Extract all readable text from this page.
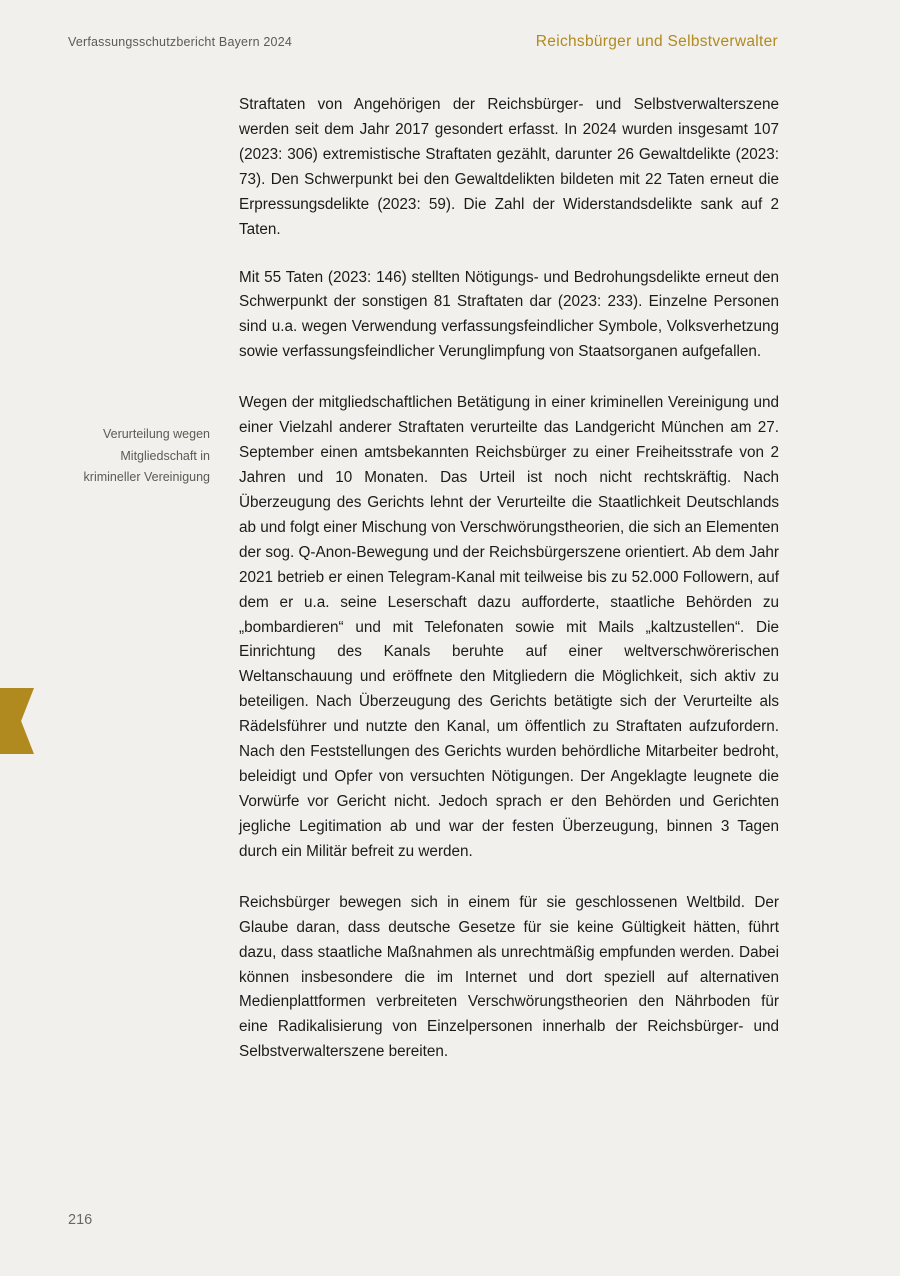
Verfassungsschutzbericht Bayern 2024	Reichsbürger und Selbstverwalter
Verurteilung wegen Mitgliedschaft in krimineller Vereinigung

Straftaten von Angehörigen der Reichsbürger- und Selbstverwalterszene werden seit dem Jahr 2017 gesondert erfasst. In 2024 wurden insgesamt 107 (2023: 306) extremistische Straftaten gezählt, darunter 26 Gewaltdelikte (2023: 73). Den Schwerpunkt bei den Gewaltdelikten bildeten mit 22 Taten erneut die Erpressungsdelikte (2023: 59). Die Zahl der Widerstandsdelikte sank auf 2 Taten.

Mit 55 Taten (2023: 146) stellten Nötigungs- und Bedrohungsdelikte erneut den Schwerpunkt der sonstigen 81 Straftaten dar (2023: 233). Einzelne Personen sind u.a. wegen Verwendung verfassungsfeindlicher Symbole, Volksverhetzung sowie verfassungsfeindlicher Verunglimpfung von Staatsorganen aufgefallen.

Wegen der mitgliedschaftlichen Betätigung in einer kriminellen Vereinigung und einer Vielzahl anderer Straftaten verurteilte das Landgericht München am 27. September einen amtsbekannten Reichsbürger zu einer Freiheitsstrafe von 2 Jahren und 10 Monaten. Das Urteil ist noch nicht rechtskräftig. Nach Überzeugung des Gerichts lehnt der Verurteilte die Staatlichkeit Deutschlands ab und folgt einer Mischung von Verschwörungstheorien, die sich an Elementen der sog. Q-Anon-Bewegung und der Reichsbürgerszene orientiert. Ab dem Jahr 2021 betrieb er einen Telegram-Kanal mit teilweise bis zu 52.000 Followern, auf dem er u.a. seine Leserschaft dazu aufforderte, staatliche Behörden zu „bombardieren“ und mit Telefonaten sowie mit Mails „kaltzustellen“. Die Einrichtung des Kanals beruhte auf einer weltverschwörerischen Weltanschauung und eröffnete den Mitgliedern die Möglichkeit, sich aktiv zu beteiligen. Nach Überzeugung des Gerichts betätigte sich der Verurteilte als Rädelsführer und nutzte den Kanal, um öffentlich zu Straftaten aufzufordern. Nach den Feststellungen des Gerichts wurden behördliche Mitarbeiter bedroht, beleidigt und Opfer von versuchten Nötigungen. Der Angeklagte leugnete die Vorwürfe vor Gericht nicht. Jedoch sprach er den Behörden und Gerichten jegliche Legitimation ab und war der festen Überzeugung, binnen 3 Tagen durch ein Militär befreit zu werden.

Reichsbürger bewegen sich in einem für sie geschlossenen Weltbild. Der Glaube daran, dass deutsche Gesetze für sie keine Gültigkeit hätten, führt dazu, dass staatliche Maßnahmen als unrechtmäßig empfunden werden. Dabei können insbesondere die im Internet und dort speziell auf alternativen Medienplattformen verbreiteten Verschwörungstheorien den Nährboden für eine Radikalisierung von Einzelpersonen innerhalb der Reichsbürger- und Selbstverwalterszene bereiten.

216
